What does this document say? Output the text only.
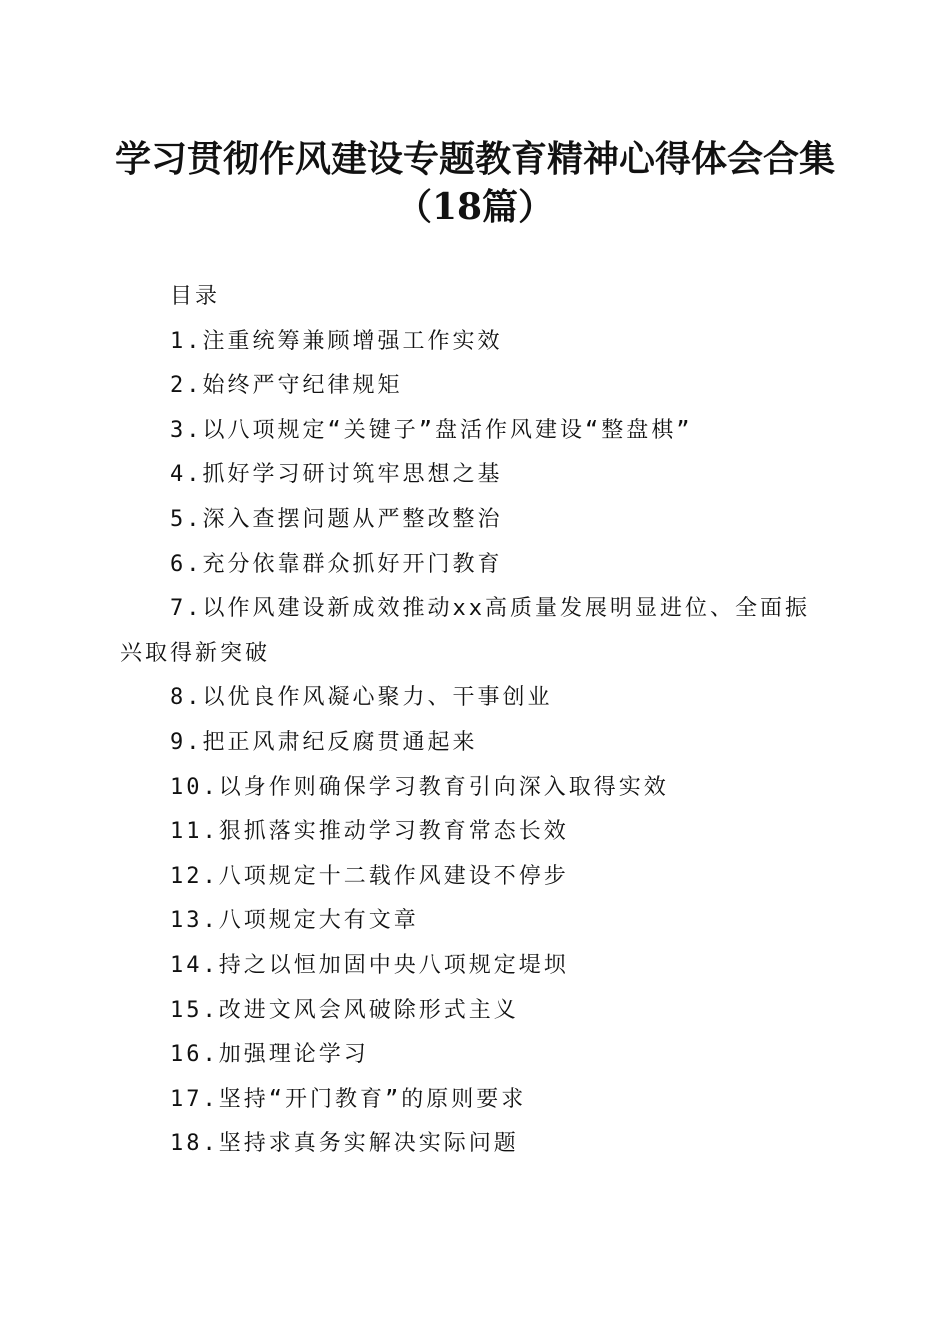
学习贯彻作风建设专题教育精神心得体会合集
（18篇）

目录

1.注重统筹兼顾增强工作实效

2.始终严守纪律规矩

3.以八项规定“关键子”盘活作风建设“整盘棋”

4.抓好学习研讨筑牢思想之基

5.深入查摆问题从严整改整治

6.充分依靠群众抓好开门教育

7.以作风建设新成效推动xx高质量发展明显进位、全面振兴取得新突破

8.以优良作风凝心聚力、干事创业

9.把正风肃纪反腐贯通起来

10.以身作则确保学习教育引向深入取得实效

11.狠抓落实推动学习教育常态长效

12.八项规定十二载作风建设不停步

13.八项规定大有文章

14.持之以恒加固中央八项规定堤坝

15.改进文风会风破除形式主义

16.加强理论学习

17.坚持“开门教育”的原则要求

18.坚持求真务实解决实际问题
